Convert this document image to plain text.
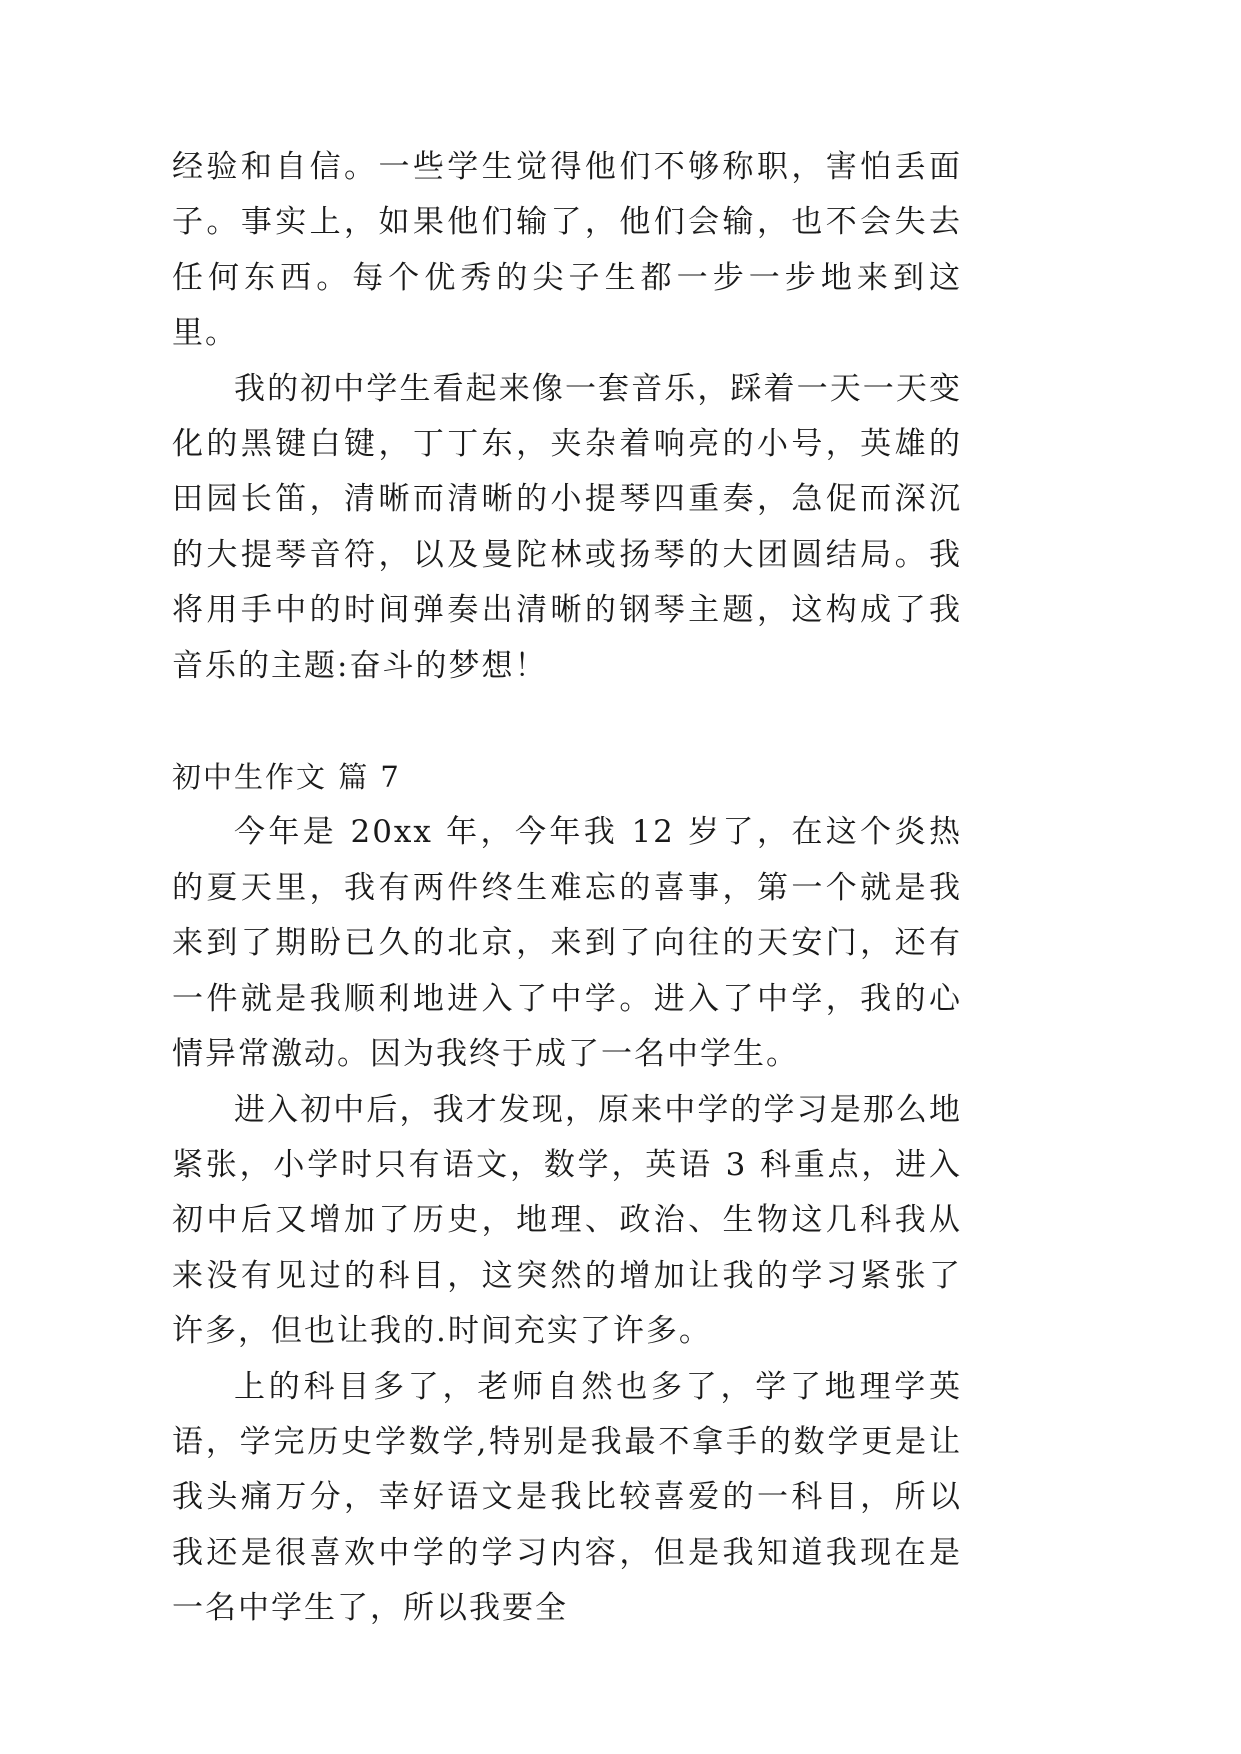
经验和自信。一些学生觉得他们不够称职，害怕丢面子。事实上，如果他们输了，他们会输，也不会失去任何东西。每个优秀的尖子生都一步一步地来到这里。

我的初中学生看起来像一套音乐，踩着一天一天变化的黑键白键，丁丁东，夹杂着响亮的小号，英雄的田园长笛，清晰而清晰的小提琴四重奏，急促而深沉的大提琴音符，以及曼陀林或扬琴的大团圆结局。我将用手中的时间弹奏出清晰的钢琴主题，这构成了我音乐的主题:奋斗的梦想！

初中生作文 篇 7

今年是 20xx 年，今年我 12 岁了，在这个炎热的夏天里，我有两件终生难忘的喜事，第一个就是我来到了期盼已久的北京，来到了向往的天安门，还有一件就是我顺利地进入了中学。进入了中学，我的心情异常激动。因为我终于成了一名中学生。

进入初中后，我才发现，原来中学的学习是那么地紧张，小学时只有语文，数学，英语 3 科重点，进入初中后又增加了历史，地理、政治、生物这几科我从来没有见过的科目，这突然的增加让我的学习紧张了许多，但也让我的.时间充实了许多。

上的科目多了，老师自然也多了，学了地理学英语，学完历史学数学,特别是我最不拿手的数学更是让我头痛万分，幸好语文是我比较喜爱的一科目，所以我还是很喜欢中学的学习内容，但是我知道我现在是一名中学生了，所以我要全
